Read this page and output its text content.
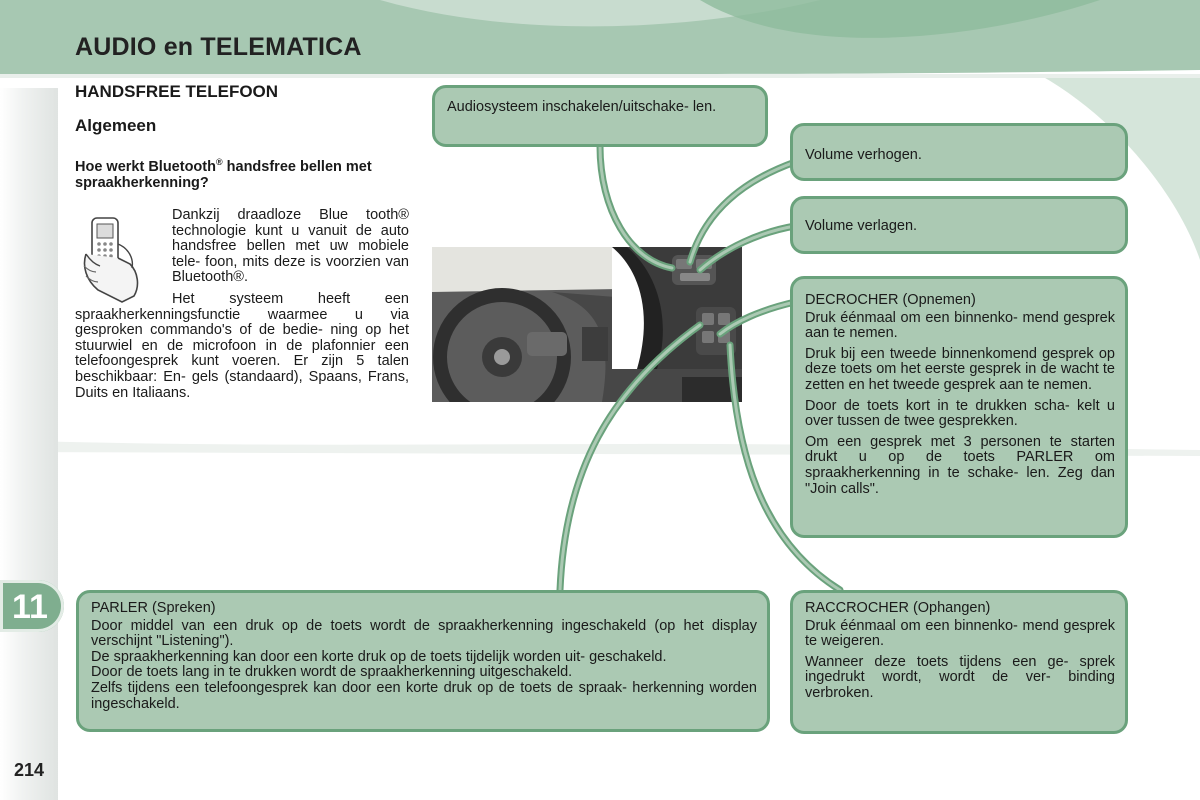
AUDIO en TELEMATICA
11
214
HANDSFREE TELEFOON
Algemeen
Hoe werkt Bluetooth® handsfree bellen met spraakherkenning?

Dankzij draadloze Blue tooth® technologie kunt u vanuit de auto handsfree bellen met uw mobiele tele- foon, mits deze is voorzien van Bluetooth®.

Het systeem heeft een spraakherkenningsfunctie waarmee u via gesproken commando's of de bedie- ning op het stuurwiel en de microfoon in de plafonnier een telefoongesprek kunt voeren. Er zijn 5 talen beschikbaar: En- gels (standaard), Spaans, Frans, Duits en Italiaans.

Audiosysteem inschakelen/uitschake- len.

Volume verhogen.

Volume verlagen.

DECROCHER (Opnemen)

Druk éénmaal om een binnenko- mend gesprek aan te nemen.

Druk bij een tweede binnenkomend gesprek op deze toets om het eerste gesprek in de wacht te zetten en het tweede gesprek aan te nemen.

Door de toets kort in te drukken scha- kelt u over tussen de twee gesprekken.

Om een gesprek met 3 personen te starten drukt u op de toets PARLER om spraakherkenning in te schake- len. Zeg dan "Join calls".

RACCROCHER (Ophangen)

Druk éénmaal om een binnenko- mend gesprek te weigeren.

Wanneer deze toets tijdens een ge- sprek ingedrukt wordt, wordt de ver- binding verbroken.

PARLER (Spreken)

Door middel van een druk op de toets wordt de spraakherkenning ingeschakeld (op het display verschijnt "Listening").

De spraakherkenning kan door een korte druk op de toets tijdelijk worden uit- geschakeld.

Door de toets lang in te drukken wordt de spraakherkenning uitgeschakeld.

Zelfs tijdens een telefoongesprek kan door een korte druk op de toets de spraak- herkenning worden ingeschakeld.
